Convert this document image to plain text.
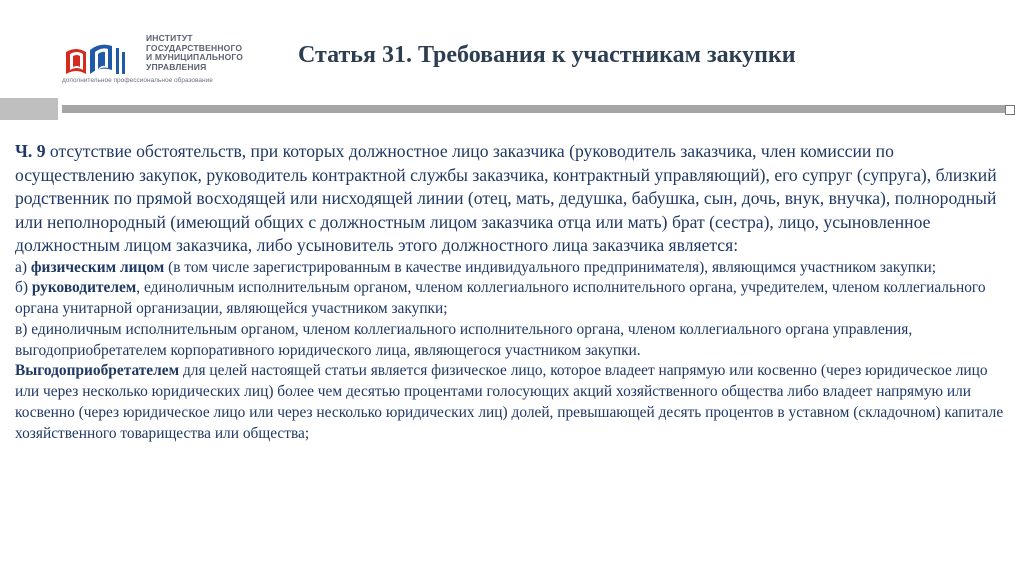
ИНСТИТУТ
ГОСУДАРСТВЕННОГО
И МУНИЦИПАЛЬНОГО
УПРАВЛЕНИЯ
дополнительное профессиональное образование
Статья 31. Требования к участникам закупки

Ч. 9 отсутствие обстоятельств, при которых должностное лицо заказчика (руководитель заказчика, член комиссии по осуществлению закупок, руководитель контрактной службы заказчика, контрактный управляющий), его супруг (супруга), близкий родственник по прямой восходящей или нисходящей линии (отец, мать, дедушка, бабушка, сын, дочь, внук, внучка), полнородный или неполнородный (имеющий общих с должностным лицом заказчика отца или мать) брат (сестра), лицо, усыновленное должностным лицом заказчика, либо усыновитель этого должностного лица заказчика является:

а) физическим лицом (в том числе зарегистрированным в качестве индивидуального предпринимателя), являющимся участником закупки;

б) руководителем, единоличным исполнительным органом, членом коллегиального исполнительного органа, учредителем, членом коллегиального органа унитарной организации, являющейся участником закупки;

в) единоличным исполнительным органом, членом коллегиального исполнительного органа, членом коллегиального органа управления, выгодоприобретателем корпоративного юридического лица, являющегося участником закупки.

Выгодоприобретателем для целей настоящей статьи является физическое лицо, которое владеет напрямую или косвенно (через юридическое лицо или через несколько юридических лиц) более чем десятью процентами голосующих акций хозяйственного общества либо владеет напрямую или косвенно (через юридическое лицо или через несколько юридических лиц) долей, превышающей десять процентов в уставном (складочном) капитале хозяйственного товарищества или общества;
